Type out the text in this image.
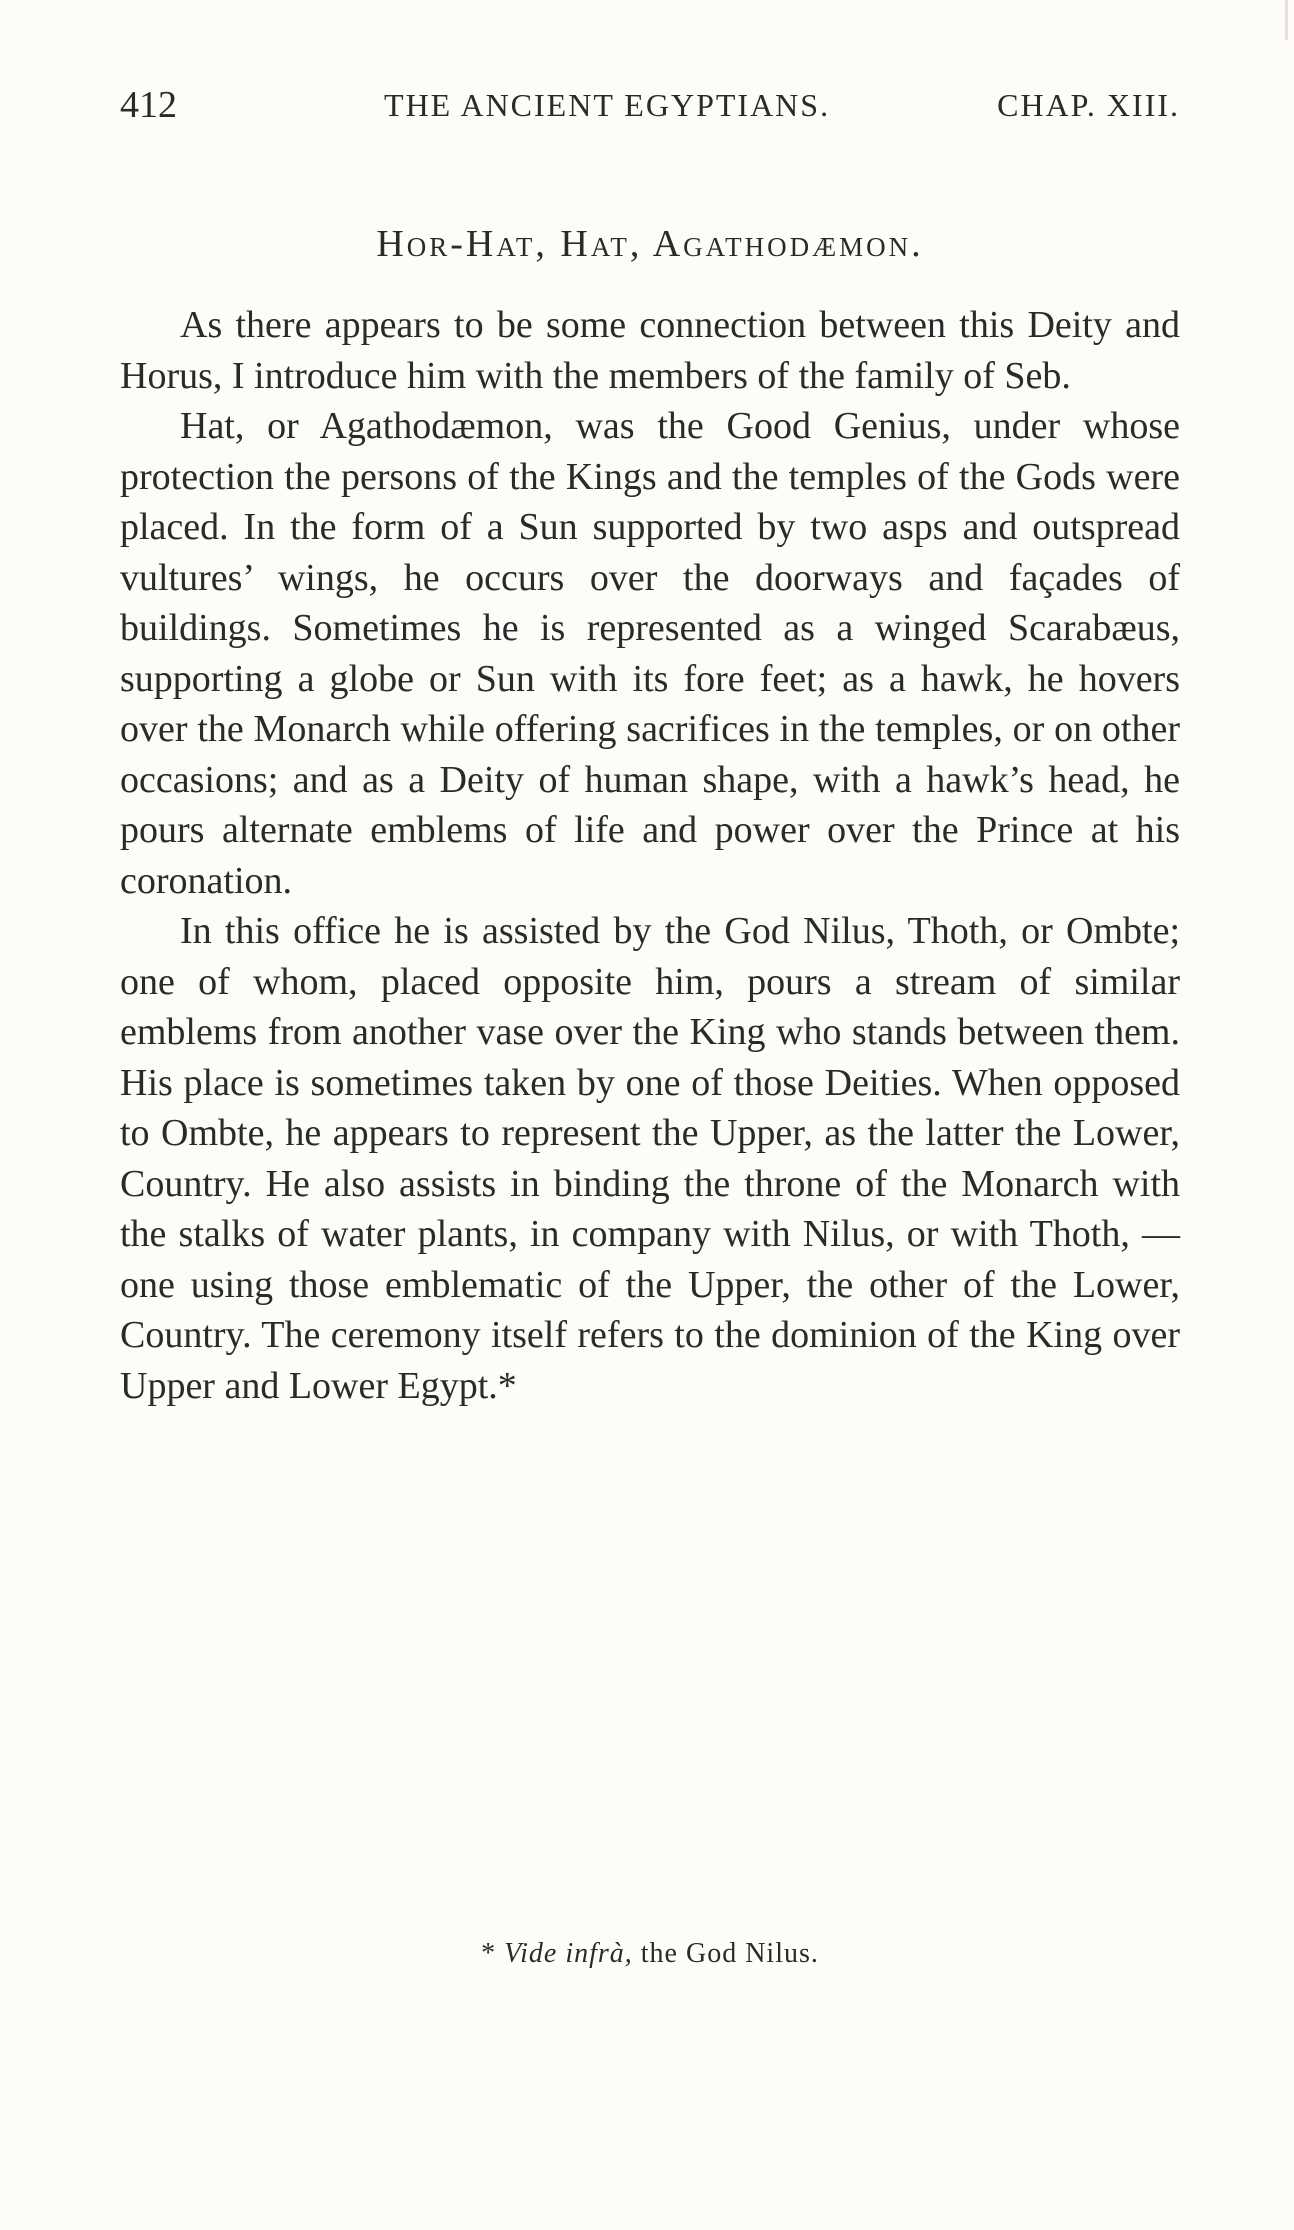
412	THE ANCIENT EGYPTIANS.	CHAP. XIII.
Hor-Hat, Hat, Agathodæmon.

As there appears to be some connection between this Deity and Horus, I introduce him with the members of the family of Seb.

Hat, or Agathodæmon, was the Good Genius, under whose protection the persons of the Kings and the temples of the Gods were placed. In the form of a Sun supported by two asps and outspread vultures’ wings, he occurs over the doorways and façades of buildings. Sometimes he is represented as a winged Scarabæus, supporting a globe or Sun with its fore feet; as a hawk, he hovers over the Monarch while offering sacrifices in the temples, or on other occasions; and as a Deity of human shape, with a hawk’s head, he pours alternate emblems of life and power over the Prince at his coronation.

In this office he is assisted by the God Nilus, Thoth, or Ombte; one of whom, placed opposite him, pours a stream of similar emblems from another vase over the King who stands between them. His place is sometimes taken by one of those Deities. When opposed to Ombte, he appears to represent the Upper, as the latter the Lower, Country. He also assists in binding the throne of the Monarch with the stalks of water plants, in company with Nilus, or with Thoth, — one using those emblematic of the Upper, the other of the Lower, Country. The ceremony itself refers to the dominion of the King over Upper and Lower Egypt.*

* Vide infrà, the God Nilus.
